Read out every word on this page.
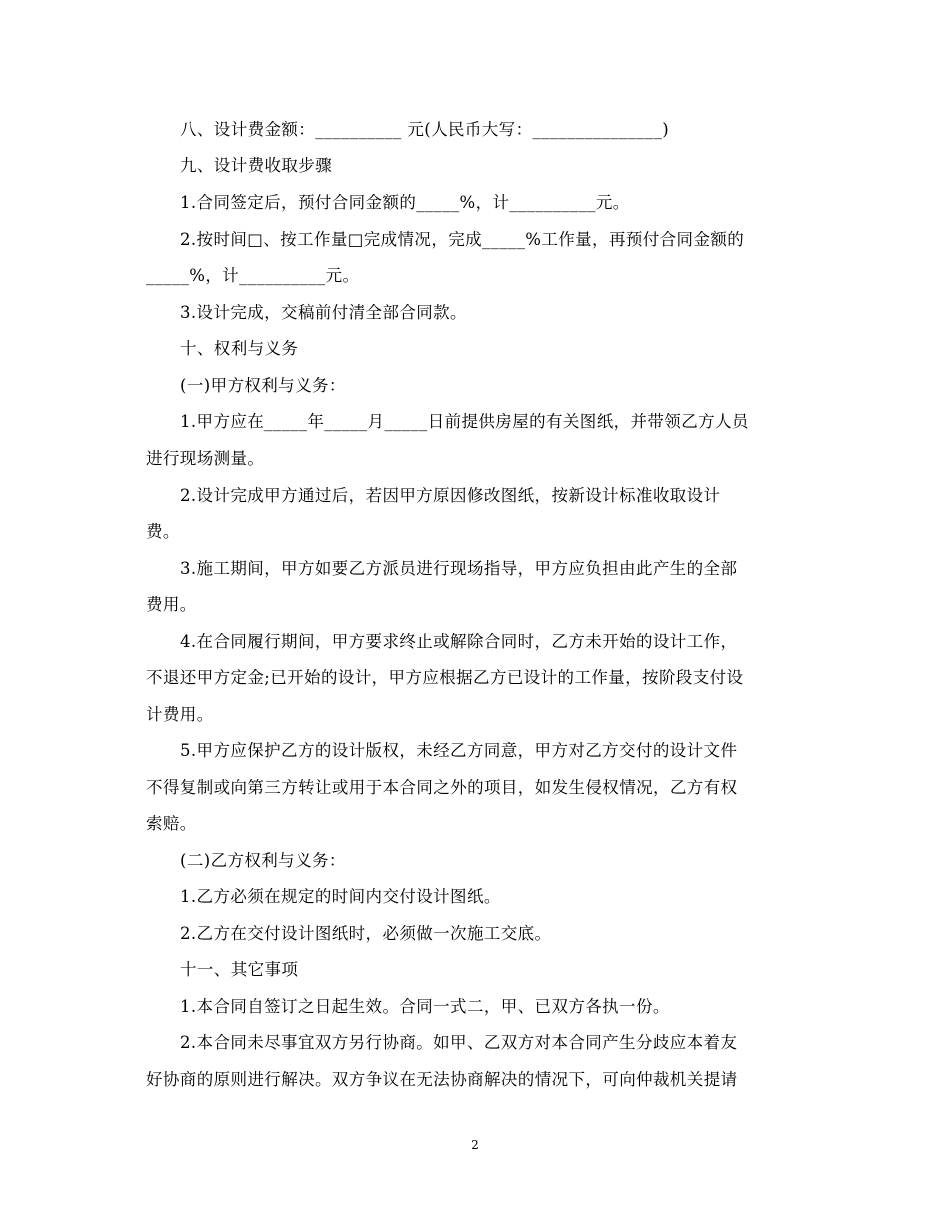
八、设计费金额：__________ 元(人民币大写：_______________)
九、设计费收取步骤
1.合同签定后，预付合同金额的_____%，计__________元。
2.按时间□、按工作量□完成情况，完成_____%工作量，再预付合同金额的
_____%，计__________元。
3.设计完成，交稿前付清全部合同款。
十、权利与义务
(一)甲方权利与义务：
1.甲方应在_____年_____月_____日前提供房屋的有关图纸，并带领乙方人员
进行现场测量。
2.设计完成甲方通过后，若因甲方原因修改图纸，按新设计标准收取设计
费。
3.施工期间，甲方如要乙方派员进行现场指导，甲方应负担由此产生的全部
费用。
4.在合同履行期间，甲方要求终止或解除合同时，乙方未开始的设计工作，
不退还甲方定金;已开始的设计，甲方应根据乙方已设计的工作量，按阶段支付设
计费用。
5.甲方应保护乙方的设计版权，未经乙方同意，甲方对乙方交付的设计文件
不得复制或向第三方转让或用于本合同之外的项目，如发生侵权情况，乙方有权
索赔。
(二)乙方权利与义务：
1.乙方必须在规定的时间内交付设计图纸。
2.乙方在交付设计图纸时，必须做一次施工交底。
十一、其它事项
1.本合同自签订之日起生效。合同一式二，甲、已双方各执一份。
2.本合同未尽事宜双方另行协商。如甲、乙双方对本合同产生分歧应本着友
好协商的原则进行解决。双方争议在无法协商解决的情况下，可向仲裁机关提请
2
